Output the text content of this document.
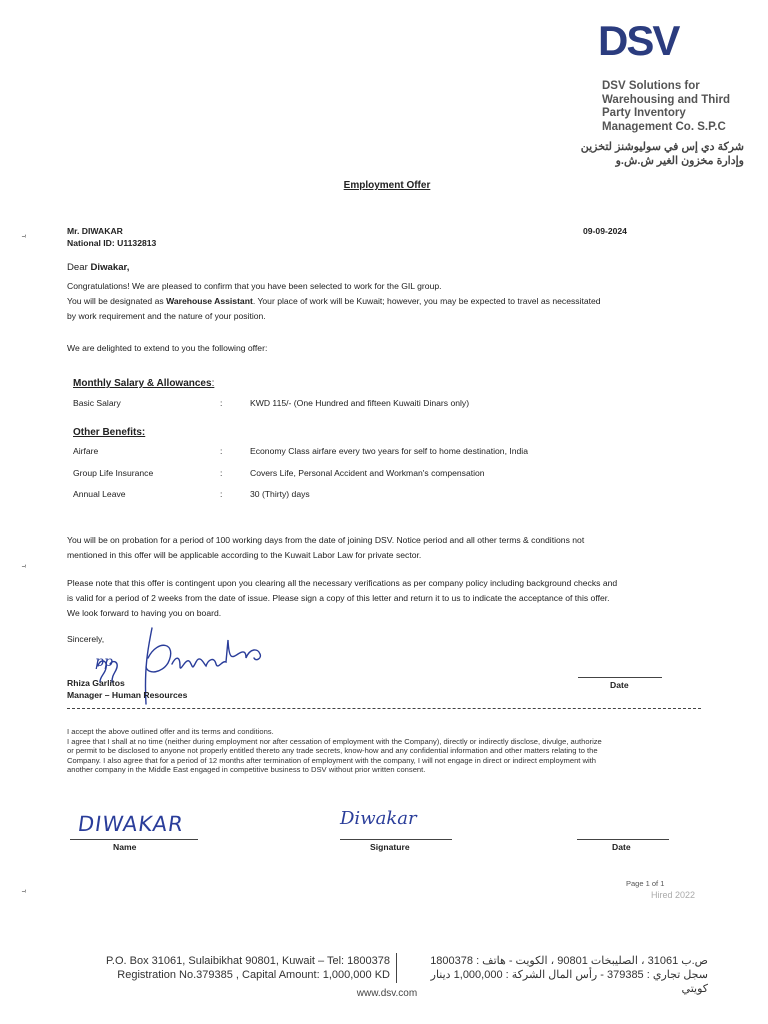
DSV
DSV Solutions for
Warehousing and Third
Party Inventory
Management Co. S.P.C
شركة دي إس في سوليوشنز لتخزين
وإدارة مخزون الغير ش.ش.و
Employment Offer
ﺑـ
ﺑـ
ﺑـ
Mr. DIWAKAR
National ID: U1132813
09-09-2024
Dear Diwakar,
Congratulations! We are pleased to confirm that you have been selected to work for the GIL group.
You will be designated as Warehouse Assistant. Your place of work will be Kuwait; however, you may be expected to travel as necessitated
by work requirement and the nature of your position.
We are delighted to extend to you the following offer:
Monthly Salary & Allowances:
Basic Salary	:	KWD 115/- (One Hundred and fifteen Kuwaiti Dinars only)
Other Benefits:
Airfare	:	Economy Class airfare every two years for self to home destination, India
Group Life Insurance	:	Covers Life, Personal Accident and Workman's compensation
Annual Leave	:	30 (Thirty) days
You will be on probation for a period of 100 working days from the date of joining DSV. Notice period and all other terms & conditions not
mentioned in this offer will be applicable according to the Kuwait Labor Law for private sector.
Please note that this offer is contingent upon you clearing all the necessary verifications as per company policy including background checks and
is valid for a period of 2 weeks from the date of issue. Please sign a copy of this letter and return it to us to indicate the acceptance of this offer.
We look forward to having you on board.
Sincerely,
pp
Rhiza Garlitos
Manager – Human Resources
Date
I accept the above outlined offer and its terms and conditions.
I agree that I shall at no time (neither during employment nor after cessation of employment with the Company), directly or indirectly disclose, divulge, authorize
or permit to be disclosed to anyone not properly entitled thereto any trade secrets, know-how and any confidential information and other matters relating to the
Company. I also agree that for a period of 12 months after termination of employment with the company, I will not engage in direct or indirect employment with
another company in the Middle East engaged in competitive business to DSV without prior written consent.
DIWAKAR	Diwakar
Name	Signature	Date
Page 1 of 1
Hired 2022
P.O. Box 31061, Sulaibikhat 90801, Kuwait – Tel: 1800378
Registration No.379385 , Capital Amount: 1,000,000 KD
ص.ب 31061 ، الصليبخات 90801 ، الكويت - هاتف : 1800378
سجل تجاري : 379385 - رأس المال الشركة : 1,000,000 دينار كويتي
www.dsv.com
